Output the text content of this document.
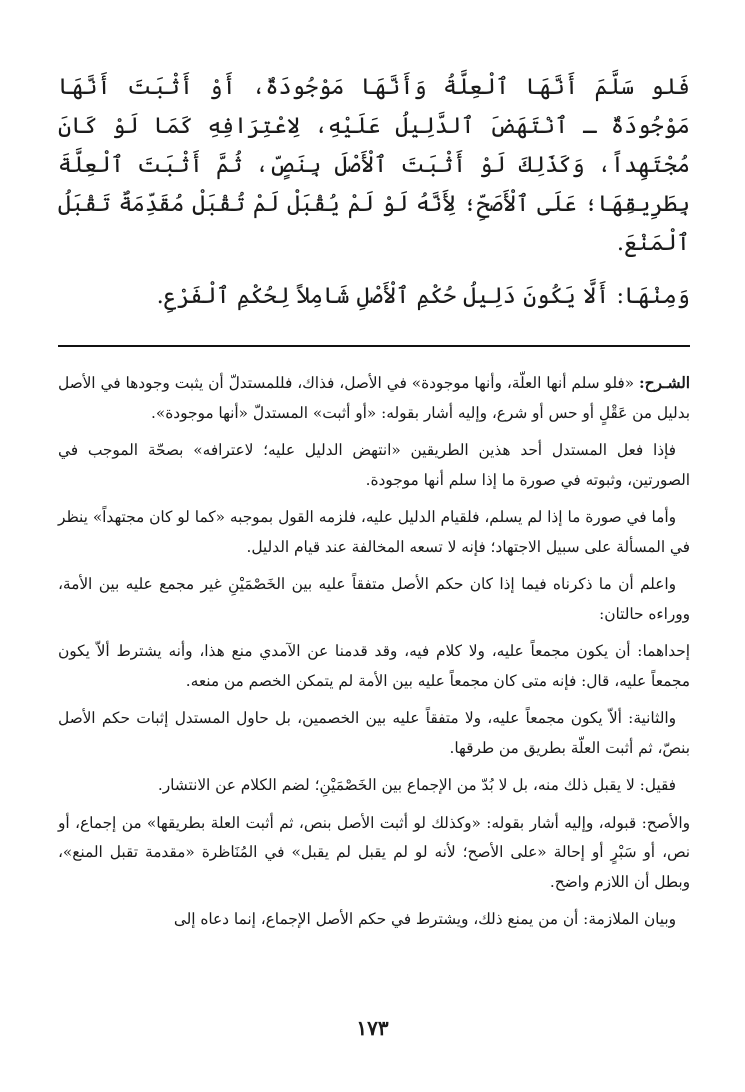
فَلو سَلَّمَ أَنَّهَا ٱلْعِلَّةُ وَأَنَّهَا مَوْجُودَةٌ، أَوْ أَثْبَتَ أَنَّهَا مَوْجُودَةٌ ـ ٱنْتَهَضَ ٱلدَّلِيلُ عَلَيْهِ، لِاعْتِرَافِهِ كَمَا لَوْ كَانَ مُجْتَهِداً، وَكَذَلِكَ لَوْ أَثْبَتَ ٱلْأَصْلَ بِنَصٍّ، ثُمَّ أَثْبَتَ ٱلْعِلَّةَ بِطَرِيقِهَا؛ عَلَى ٱلْأَصَحِّ؛ لِأَنَّهُ لَوْ لَمْ يُقْبَلْ لَمْ تُقْبَلْ مُقَدِّمَةٌ تَقْبَلُ ٱلْمَنْعَ.

وَمِنْهَا: أَلَّا يَكُونَ دَلِيلُ حُكْمِ ٱلْأَصْلِ شَامِلاً لِحُكْمِ ٱلْفَرْعِ.

الشـرح: «فلو سلم أنها العلّة، وأنها موجودة» في الأصل، فذاك، فللمستدلّ أن يثبت وجودها في الأصل بدليل من عَقْلٍ أو حس أو شرع، وإليه أشار بقوله: «أو أثبت» المستدلّ «أنها موجودة».

فإذا فعل المستدل أحد هذين الطريقين «انتهض الدليل عليه؛ لاعترافه» بصحّة الموجب في الصورتين، وثبوته في صورة ما إذا سلم أنها موجودة.

وأما في صورة ما إذا لم يسلم، فلقيام الدليل عليه، فلزمه القول بموجبه «كما لو كان مجتهداً» ينظر في المسألة على سبيل الاجتهاد؛ فإنه لا تسعه المخالفة عند قيام الدليل.

واعلم أن ما ذكرناه فيما إذا كان حكم الأصل متفقاً عليه بين الخَصْمَيْنِ غير مجمع عليه بين الأمة، ووراءه حالتان:

إحداهما: أن يكون مجمعاً عليه، ولا كلام فيه، وقد قدمنا عن الآمدي منع هذا، وأنه يشترط ألاّ يكون مجمعاً عليه، قال: فإنه متى كان مجمعاً عليه بين الأمة لم يتمكن الخصم من منعه.

والثانية: ألاّ يكون مجمعاً عليه، ولا متفقاً عليه بين الخصمين، بل حاول المستدل إثبات حكم الأصل بنصّ، ثم أثبت العلّة بطريق من طرقها.

فقيل: لا يقبل ذلك منه، بل لا بُدّ من الإجماع بين الخَصْمَيْنِ؛ لضم الكلام عن الانتشار.

والأصح: قبوله، وإليه أشار بقوله: «وكذلك لو أثبت الأصل بنص، ثم أثبت العلة بطريقها» من إجماع، أو نص، أو سَبْرٍ أو إحالة «على الأصح؛ لأنه لو لم يقبل لم يقبل» في المُنَاظرة «مقدمة تقبل المنع»، وبطل أن اللازم واضح.

وبيان الملازمة: أن من يمنع ذلك، ويشترط في حكم الأصل الإجماع، إنما دعاه إلى

١٧٣
